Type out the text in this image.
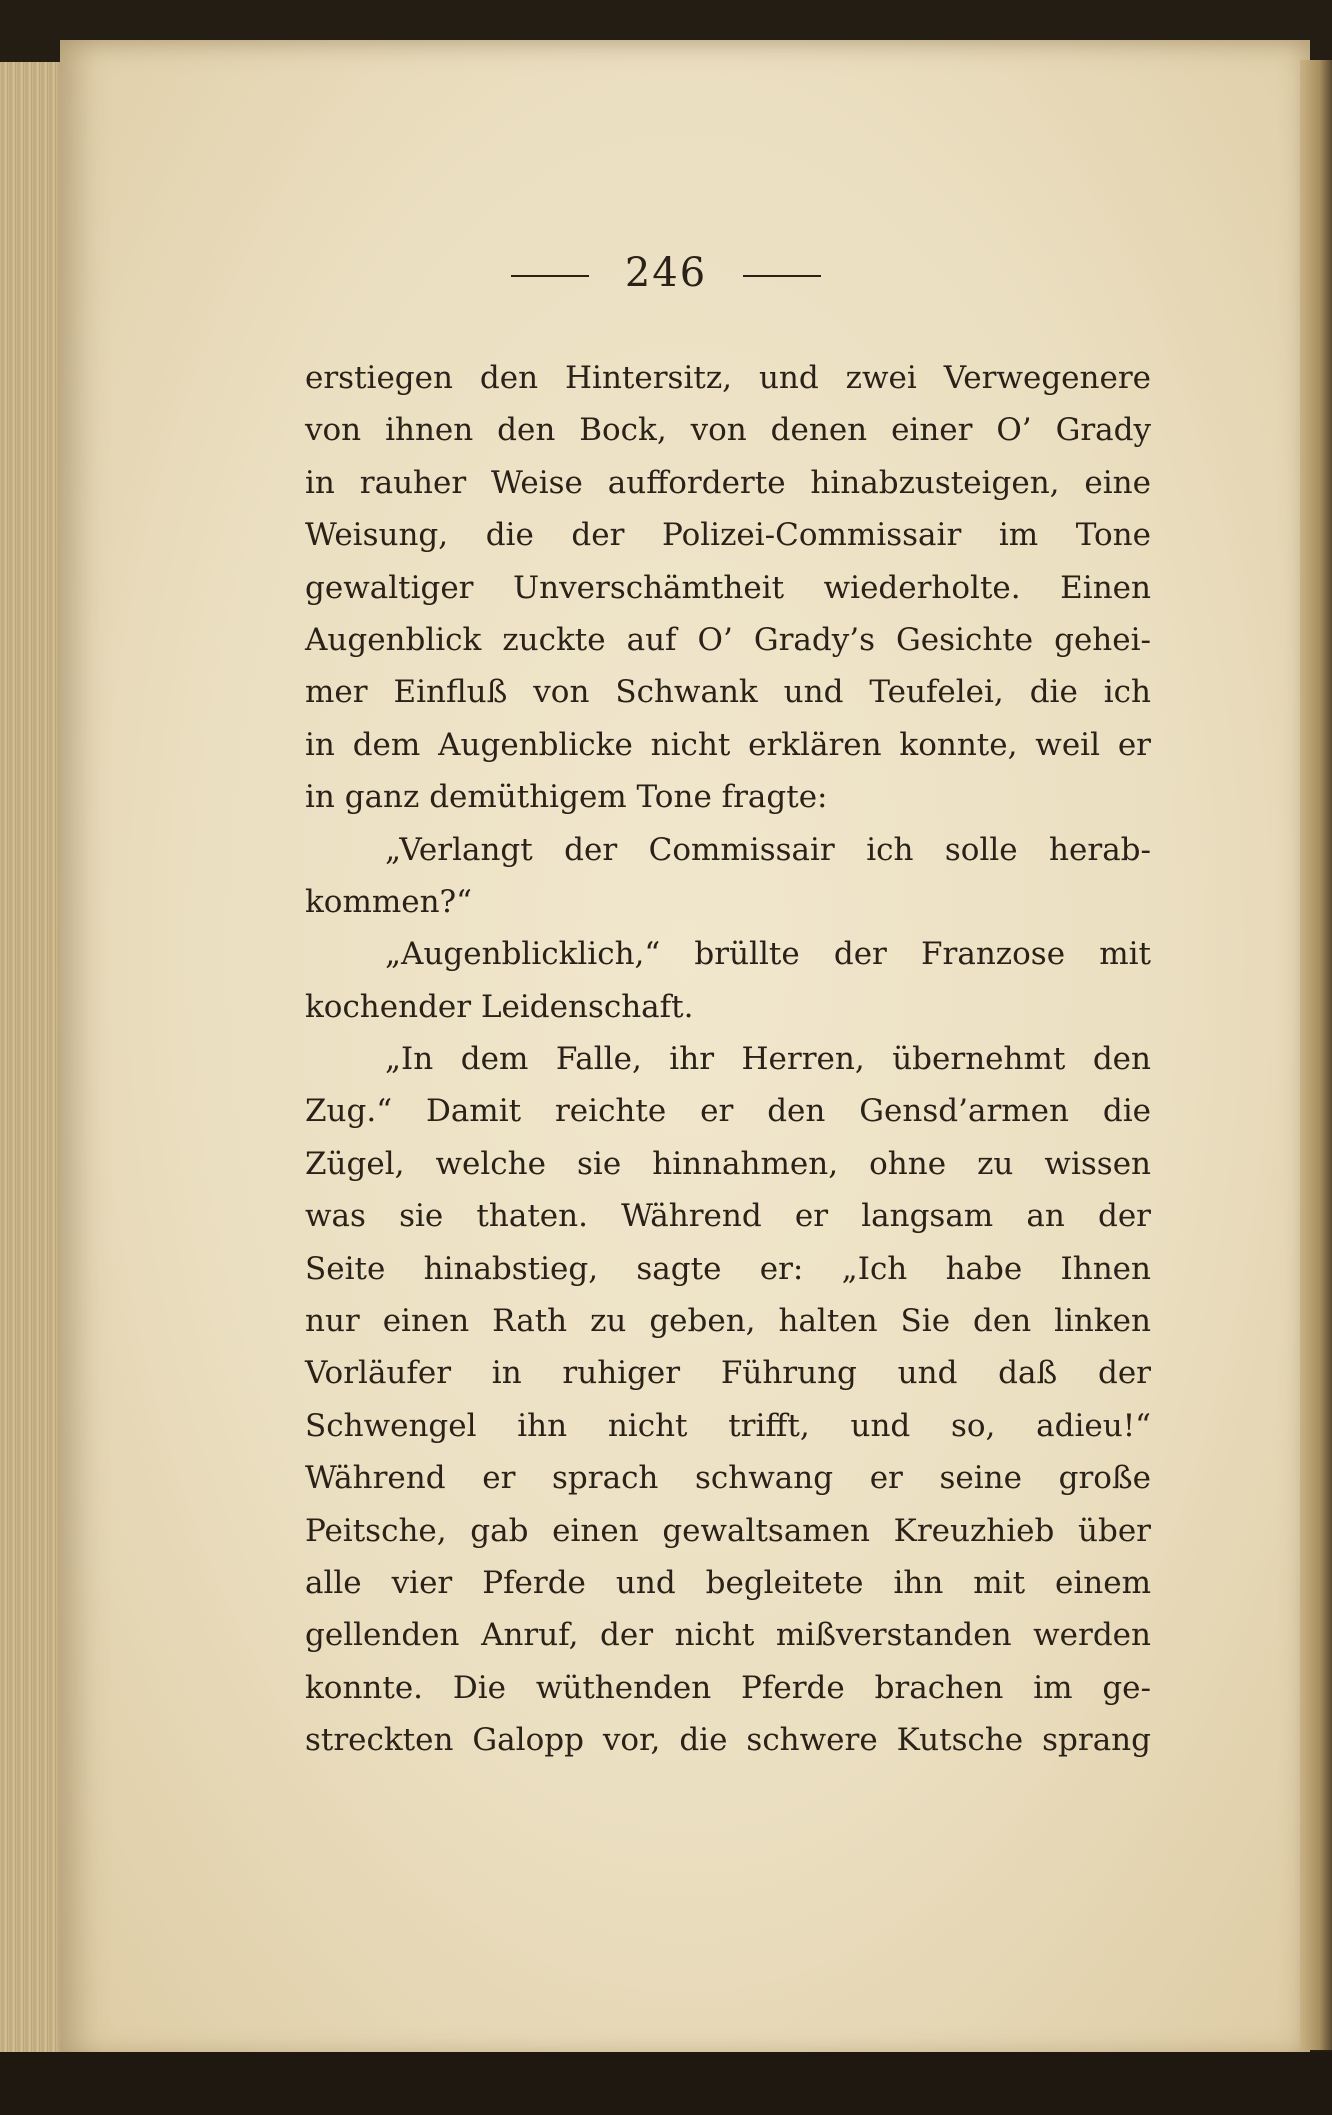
246
erstiegen den Hintersitz, und zwei Verwegenere
von ihnen den Bock, von denen einer O’ Grady
in rauher Weise aufforderte hinabzusteigen, eine
Weisung, die der Polizei-Commissair im Tone
gewaltiger Unverschämtheit wiederholte. Einen
Augenblick zuckte auf O’ Grady’s Gesichte gehei-
mer Einfluß von Schwank und Teufelei, die ich
in dem Augenblicke nicht erklären konnte, weil er
in ganz demüthigem Tone fragte:
„Verlangt der Commissair ich solle herab-
kommen?“
„Augenblicklich,“ brüllte der Franzose mit
kochender Leidenschaft.
„In dem Falle, ihr Herren, übernehmt den
Zug.“ Damit reichte er den Gensd’armen die
Zügel, welche sie hinnahmen, ohne zu wissen
was sie thaten. Während er langsam an der
Seite hinabstieg, sagte er: „Ich habe Ihnen
nur einen Rath zu geben, halten Sie den linken
Vorläufer in ruhiger Führung und daß der
Schwengel ihn nicht trifft, und so, adieu!“
Während er sprach schwang er seine große
Peitsche, gab einen gewaltsamen Kreuzhieb über
alle vier Pferde und begleitete ihn mit einem
gellenden Anruf, der nicht mißverstanden werden
konnte. Die wüthenden Pferde brachen im ge-
streckten Galopp vor, die schwere Kutsche sprang
